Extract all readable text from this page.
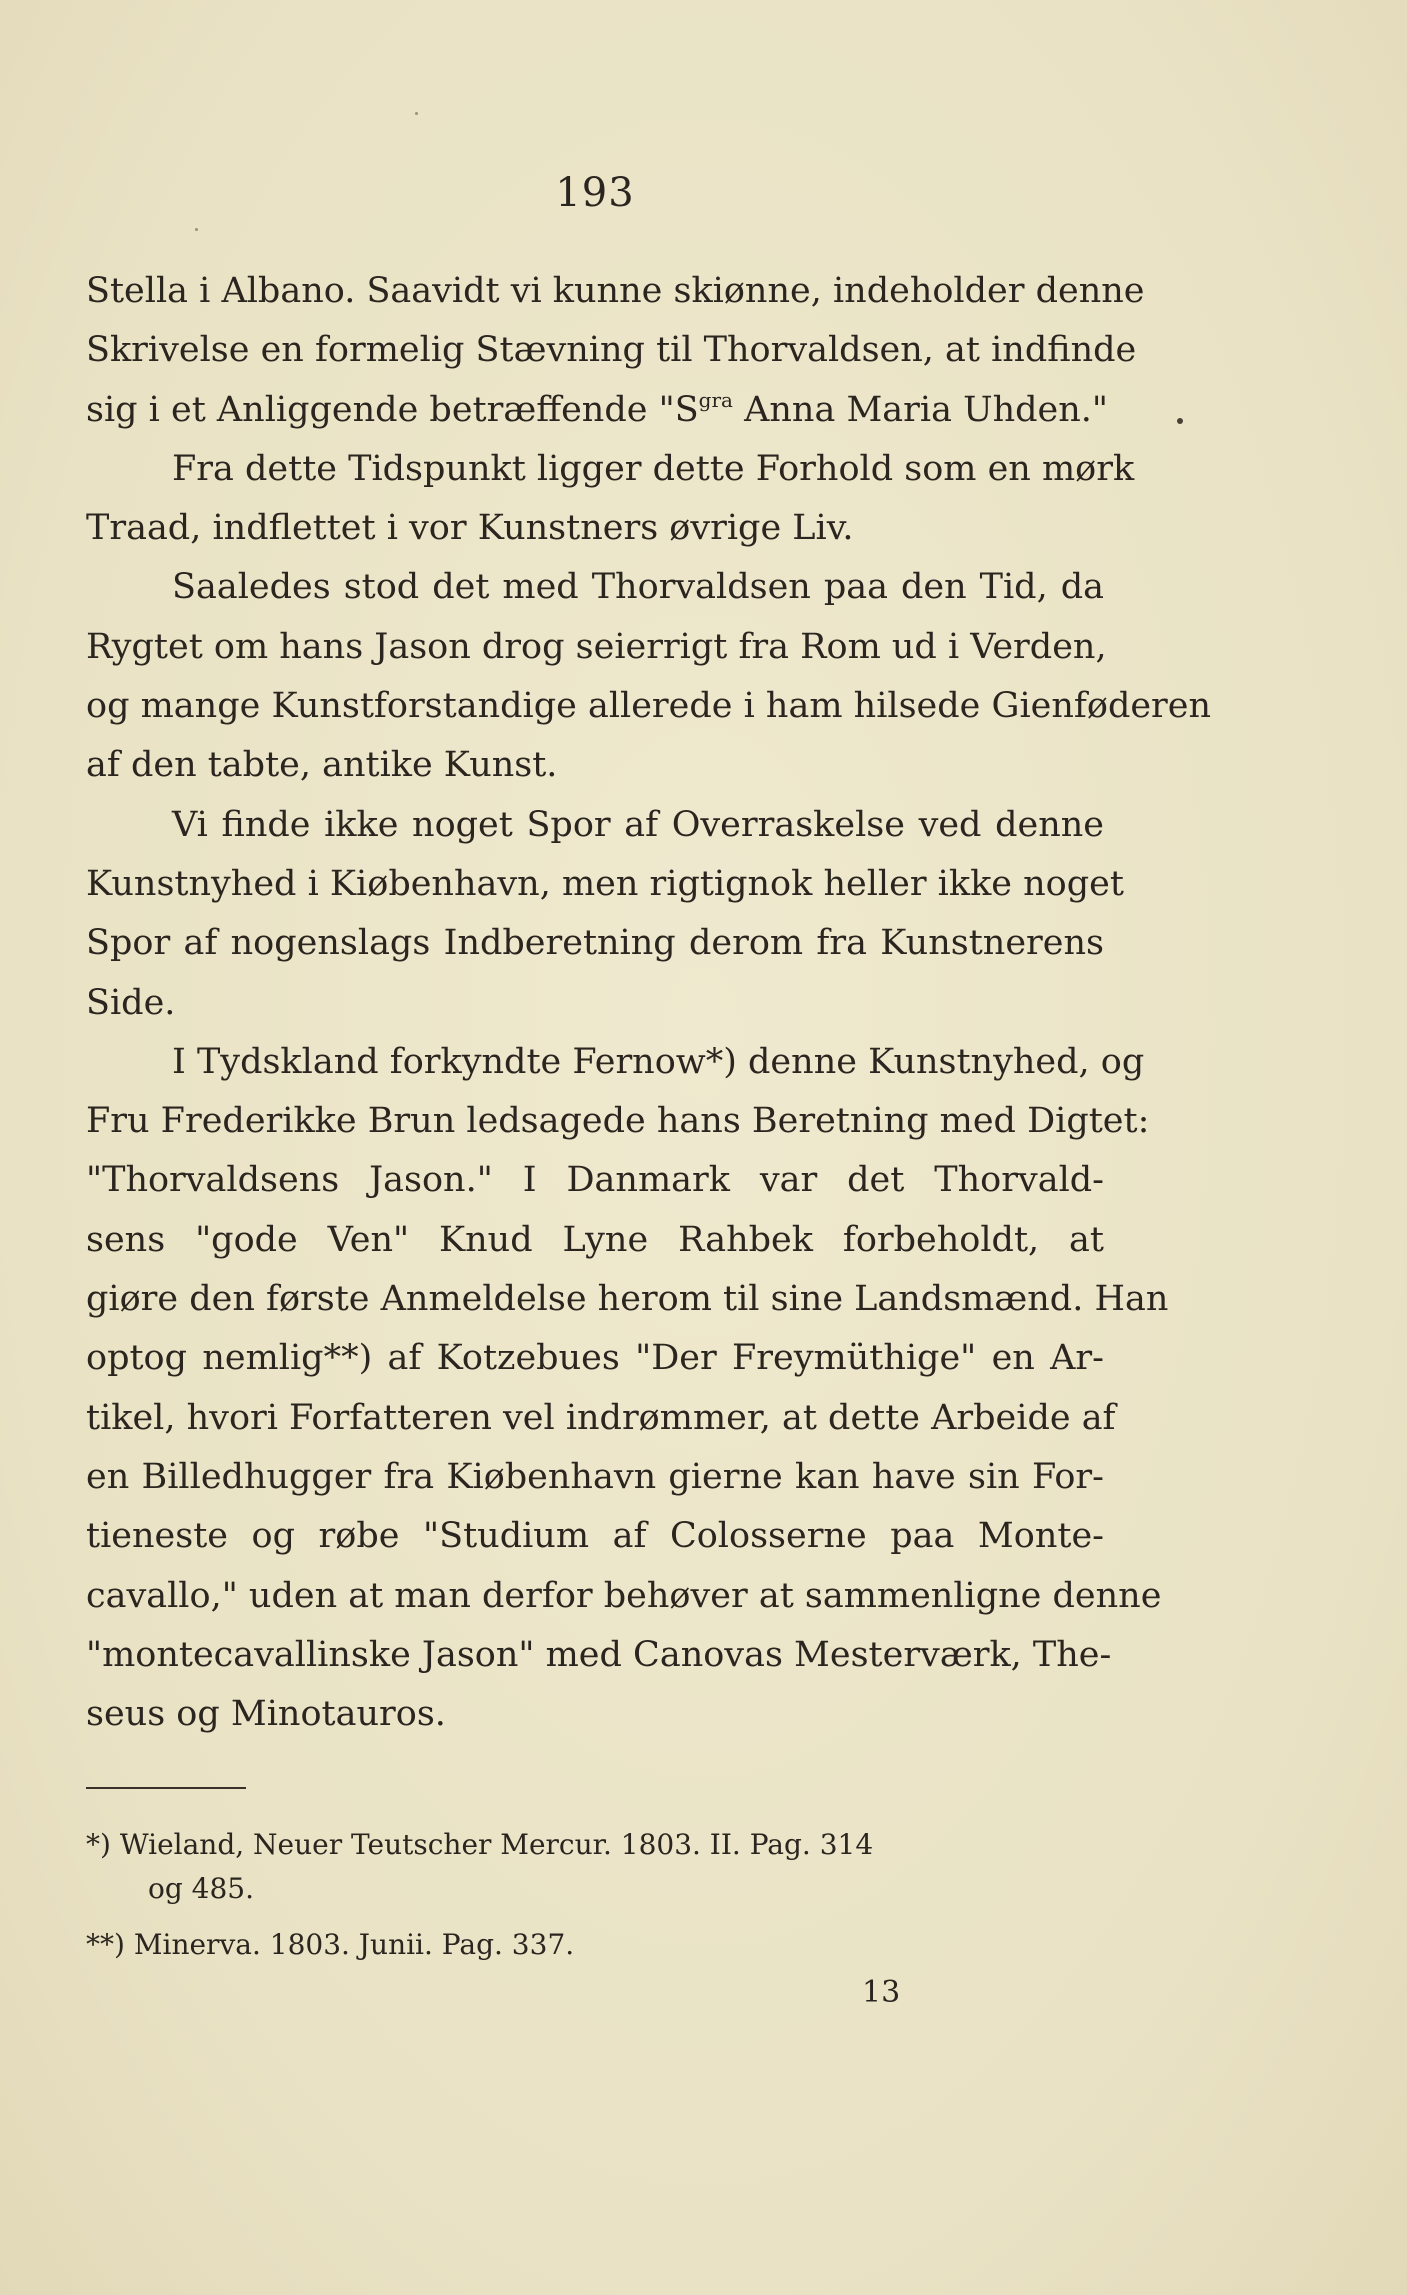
193
Stella i Albano. Saavidt vi kunne skiønne, indeholder denne
Skrivelse en formelig Stævning til Thorvaldsen, at indfinde
sig i et Anliggende betræffende "$S^{gra}$ Anna Maria Uhden."
Fra dette Tidspunkt ligger dette Forhold som en mørk
Traad, indflettet i vor Kunstners øvrige Liv.
Saaledes stod det med Thorvaldsen paa den Tid, da
Rygtet om hans Jason drog seierrigt fra Rom ud i Verden,
og mange Kunstforstandige allerede i ham hilsede Gienføderen
af den tabte, antike Kunst.
Vi finde ikke noget Spor af Overraskelse ved denne
Kunstnyhed i Kiøbenhavn, men rigtignok heller ikke noget
Spor af nogenslags Indberetning derom fra Kunstnerens
Side.
I Tydskland forkyndte Fernow*) denne Kunstnyhed, og
Fru Frederikke Brun ledsagede hans Beretning med Digtet:
"Thorvaldsens Jason." I Danmark var det Thorvald-
sens "gode Ven" Knud Lyne Rahbek forbeholdt, at
giøre den første Anmeldelse herom til sine Landsmænd. Han
optog nemlig**) af Kotzebues "Der Freymüthige" en Ar-
tikel, hvori Forfatteren vel indrømmer, at dette Arbeide af
en Billedhugger fra Kiøbenhavn gierne kan have sin For-
tieneste og røbe "Studium af Colosserne paa Monte-
cavallo," uden at man derfor behøver at sammenligne denne
"montecavallinske Jason" med Canovas Mesterværk, The-
seus og Minotauros.
*) Wieland, Neuer Teutscher Mercur. 1803. II. Pag. 314
og 485.
**) Minerva. 1803. Junii. Pag. 337.
13
